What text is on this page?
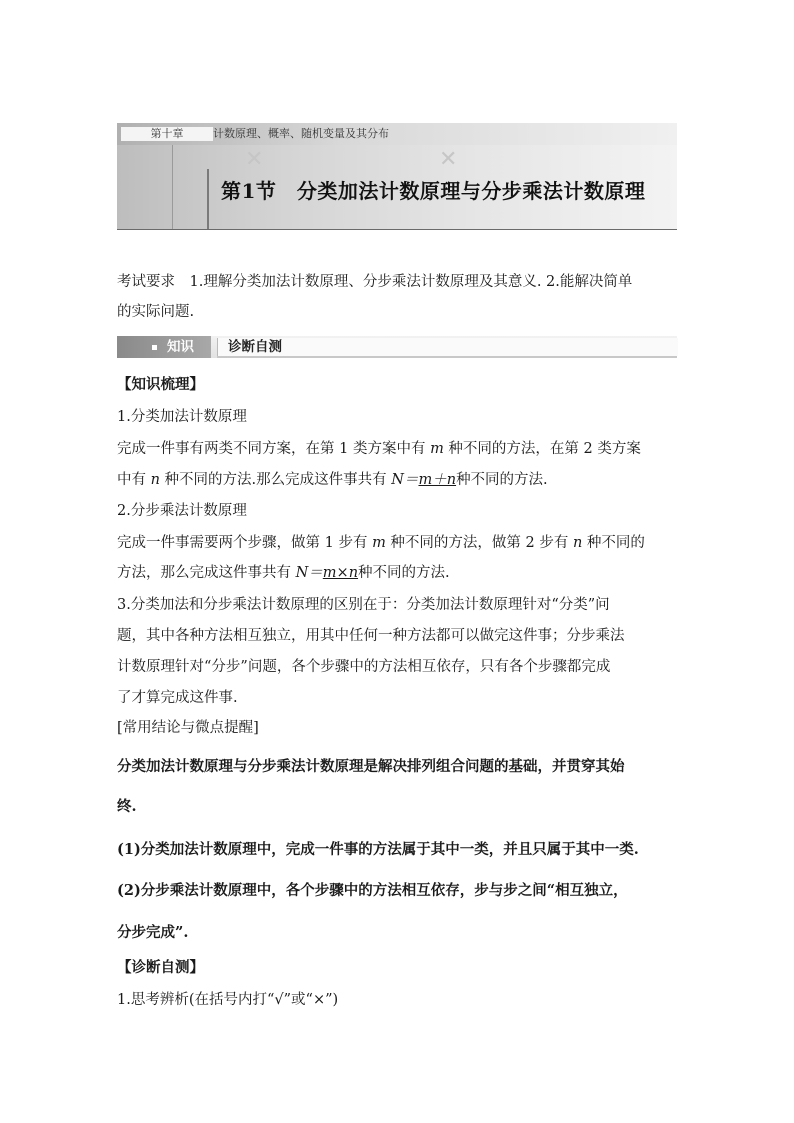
第十章	计数原理、概率、随机变量及其分布
✕	✕
第1节　分类加法计数原理与分步乘法计数原理
考试要求　1.理解分类加法计数原理、分步乘法计数原理及其意义. 2.能解决简单
的实际问题.
知识	诊断自测
【知识梳理】
1.分类加法计数原理
完成一件事有两类不同方案，在第 1 类方案中有 m 种不同的方法，在第 2 类方案
中有 n 种不同的方法.那么完成这件事共有 N＝m＋n种不同的方法.
2.分步乘法计数原理
完成一件事需要两个步骤，做第 1 步有 m 种不同的方法，做第 2 步有 n 种不同的
方法，那么完成这件事共有 N＝m×n种不同的方法.
3.分类加法和分步乘法计数原理的区别在于：分类加法计数原理针对“分类”问
题，其中各种方法相互独立，用其中任何一种方法都可以做完这件事；分步乘法
计数原理针对“分步”问题，各个步骤中的方法相互依存，只有各个步骤都完成
了才算完成这件事.
[常用结论与微点提醒]
分类加法计数原理与分步乘法计数原理是解决排列组合问题的基础，并贯穿其始
终.
(1)分类加法计数原理中，完成一件事的方法属于其中一类，并且只属于其中一类.
(2)分步乘法计数原理中，各个步骤中的方法相互依存，步与步之间“相互独立，
分步完成”.
【诊断自测】
1.思考辨析(在括号内打“√”或“×”)
